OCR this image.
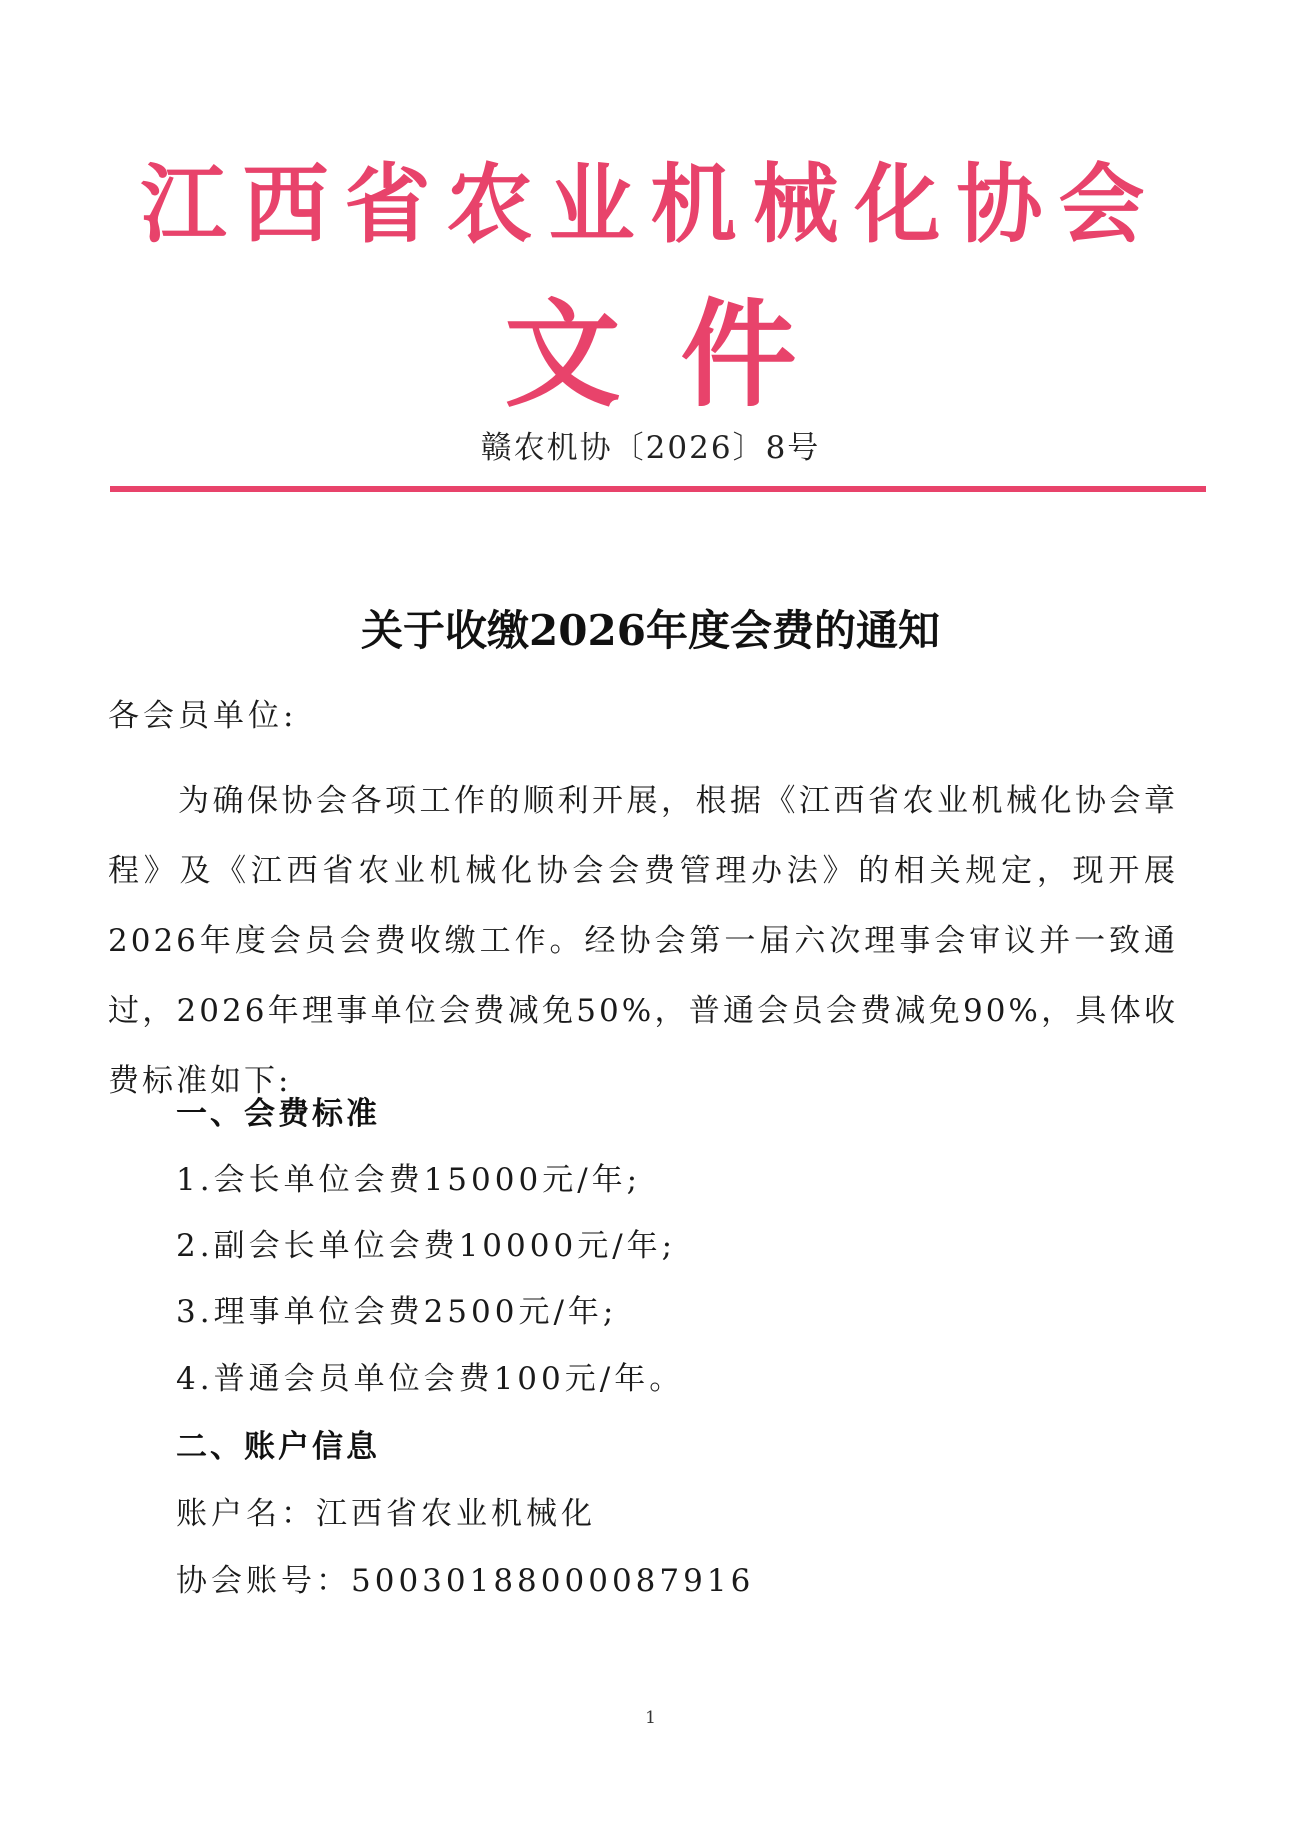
江西省农业机械化协会
文件
赣农机协〔2026〕8号
关于收缴2026年度会费的通知
各会员单位:
为确保协会各项工作的顺利开展，根据《江西省农业机械化协会章程》及《江西省农业机械化协会会费管理办法》的相关规定，现开展2026年度会员会费收缴工作。经协会第一届六次理事会审议并一致通过，2026年理事单位会费减免50%，普通会员会费减免90%，具体收费标准如下:
一、会费标准
1.会长单位会费15000元/年;
2.副会长单位会费10000元/年;
3.理事单位会费2500元/年;
4.普通会员单位会费100元/年。
二、账户信息
账户名：江西省农业机械化
协会账号：50030188000087916
1
